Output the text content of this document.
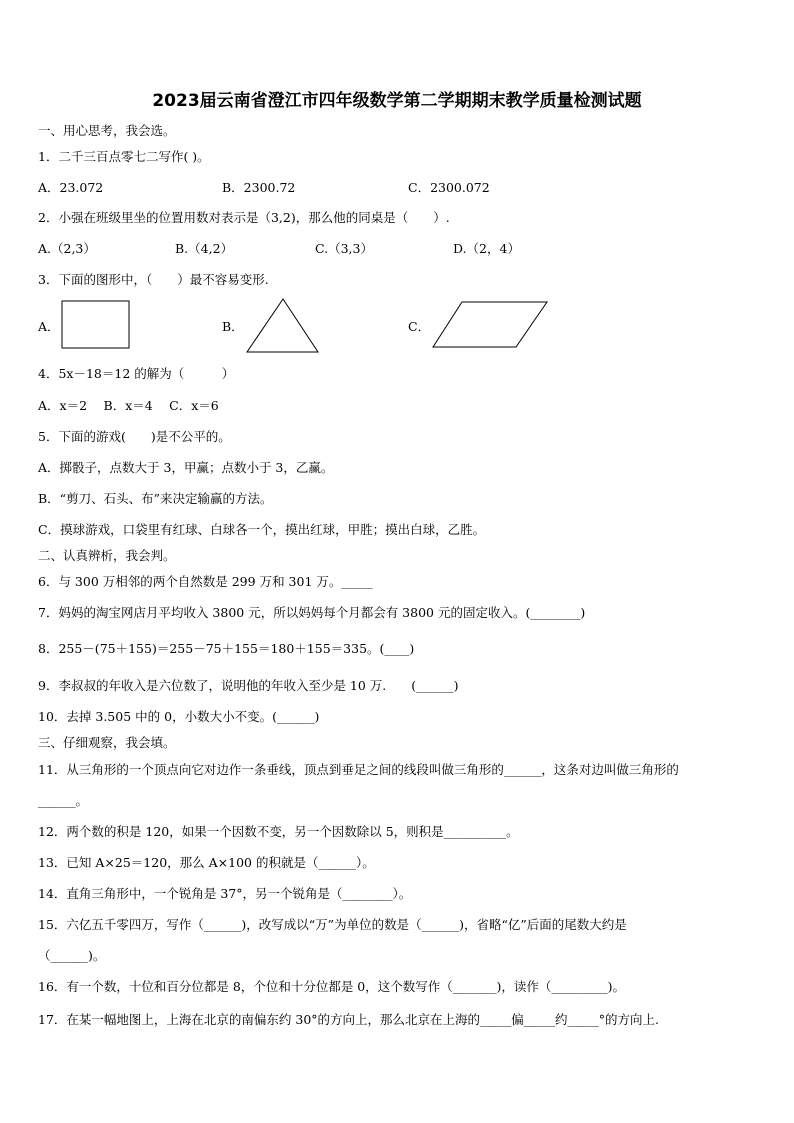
2023届云南省澄江市四年级数学第二学期期末教学质量检测试题
一、用心思考，我会选。
1．二千三百点零七二写作( )。
A．23.072	B．2300.72	C．2300.072
2．小强在班级里坐的位置用数对表示是（3,2)，那么他的同桌是（　　）.
A.（2,3）	B.（4,2）	C.（3,3）	D.（2，4）
3．下面的图形中，（　　）最不容易变形.
A．	B．	C．
4．5x－18＝12 的解为（　　　）
A．x＝2　 B．x＝4　 C．x＝6
5．下面的游戏(　　)是不公平的。
A．掷骰子，点数大于 3，甲赢；点数小于 3，乙赢。
B．“剪刀、石头、布”来决定输赢的方法。
C．摸球游戏，口袋里有红球、白球各一个，摸出红球，甲胜；摸出白球，乙胜。
二、认真辨析，我会判。
6．与 300 万相邻的两个自然数是 299 万和 301 万。_____
7．妈妈的淘宝网店月平均收入 3800 元，所以妈妈每个月都会有 3800 元的固定收入。(________)
8．255－(75＋155)＝255－75＋155＝180＋155＝335。(____)
9．李叔叔的年收入是六位数了，说明他的年收入至少是 10 万.　　(______)
10．去掉 3.505 中的 0，小数大小不变。(______)
三、仔细观察，我会填。
11．从三角形的一个顶点向它对边作一条垂线，顶点到垂足之间的线段叫做三角形的______，这条对边叫做三角形的
______。
12．两个数的积是 120，如果一个因数不变，另一个因数除以 5，则积是__________。
13．已知 A×25＝120，那么 A×100 的积就是（______）。
14．直角三角形中，一个锐角是 37°，另一个锐角是（________）。
15．六亿五千零四万，写作（______)，改写成以“万”为单位的数是（______)，省略“亿”后面的尾数大约是
（______)。
16．有一个数，十位和百分位都是 8，个位和十分位都是 0，这个数写作（_______)，读作（_________)。
17．在某一幅地图上，上海在北京的南偏东约 30°的方向上，那么北京在上海的_____偏_____约_____°的方向上.
